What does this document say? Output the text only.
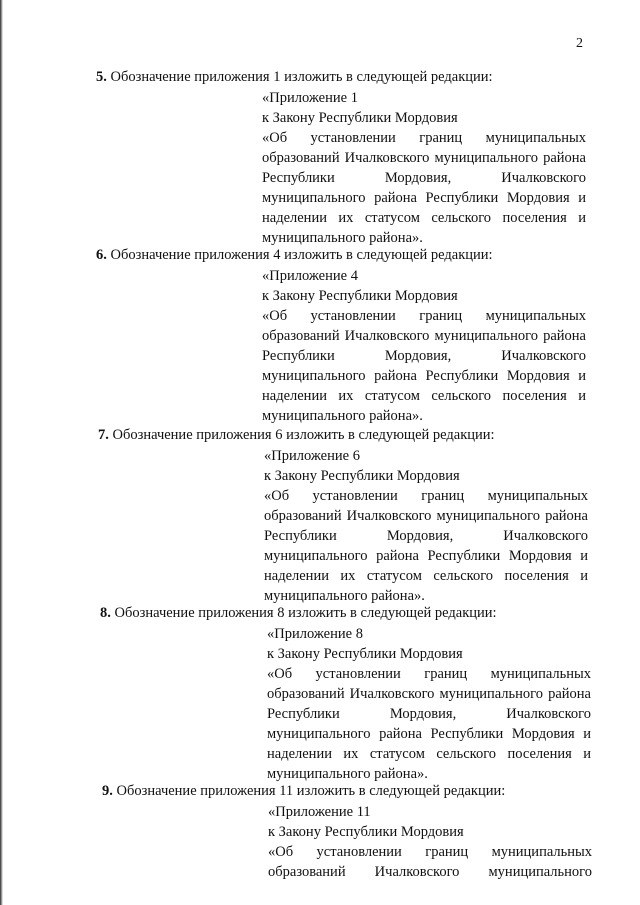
2
5. Обозначение приложения 1 изложить в следующей редакции:
«Приложение 1
к Закону Республики Мордовия
«Об установлении границ муниципальных образований Ичалковского муниципального района Республики Мордовия, Ичалковского муниципального района Республики Мордовия и наделении их статусом сельского поселения и муниципального района».
6. Обозначение приложения 4 изложить в следующей редакции:
«Приложение 4
к Закону Республики Мордовия
«Об установлении границ муниципальных образований Ичалковского муниципального района Республики Мордовия, Ичалковского муниципального района Республики Мордовия и наделении их статусом сельского поселения и муниципального района».
7. Обозначение приложения 6 изложить в следующей редакции:
«Приложение 6
к Закону Республики Мордовия
«Об установлении границ муниципальных образований Ичалковского муниципального района Республики Мордовия, Ичалковского муниципального района Республики Мордовия и наделении их статусом сельского поселения и муниципального района».
8. Обозначение приложения 8 изложить в следующей редакции:
«Приложение 8
к Закону Республики Мордовия
«Об установлении границ муниципальных образований Ичалковского муниципального района Республики Мордовия, Ичалковского муниципального района Республики Мордовия и наделении их статусом сельского поселения и муниципального района».
9. Обозначение приложения 11 изложить в следующей редакции:
«Приложение 11
к Закону Республики Мордовия
«Об установлении границ муниципальных образований Ичалковского муниципального
